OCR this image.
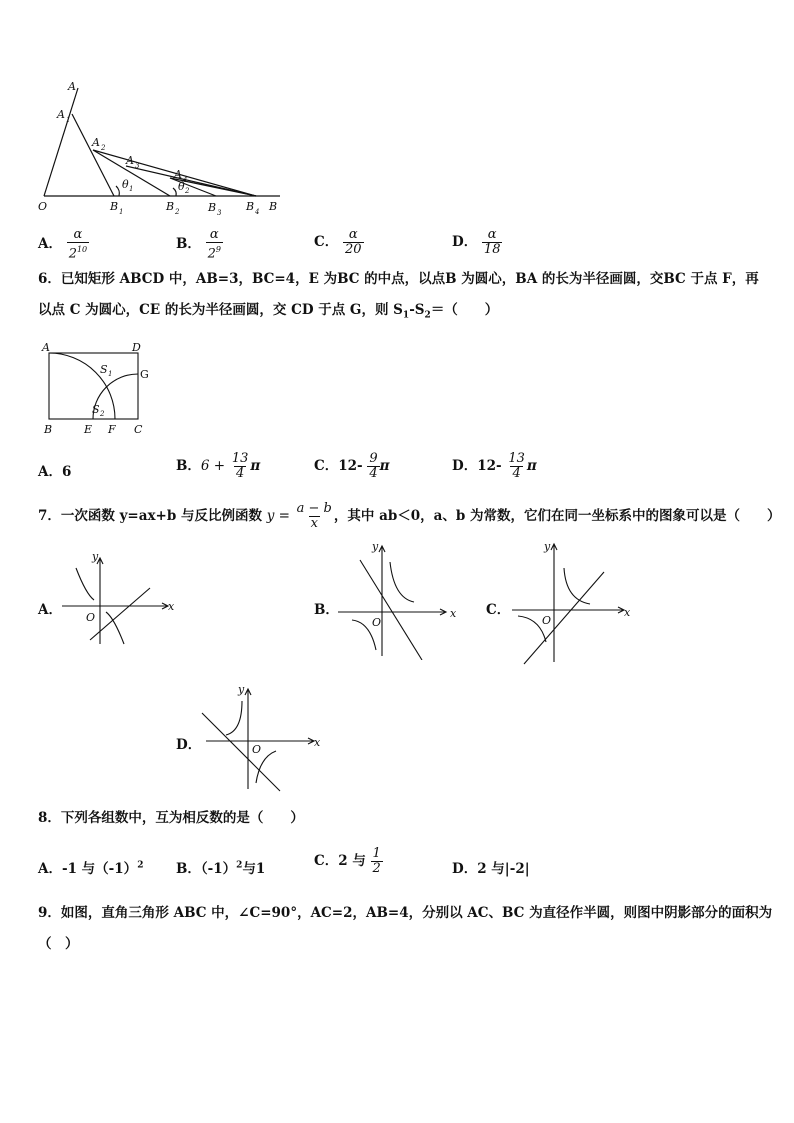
A
A 1
A 2
A 3
A 4
θ 1	θ 2
O	B 1	B 2	B 3 B 4 B
A． $\frac{\alpha}{2^{10}}$	B． $\frac{\alpha}{2^9}$	C． $\frac{\alpha}{20}$	D． $\frac{\alpha}{18}$
6．已知矩形 ABCD 中，AB=3，BC=4，E 为BC 的中点，以点B 为圆心，BA 的长为半径画圆，交BC 于点 F，再
以点 C 为圆心，CE 的长为半径画圆，交 CD 于点 G，则 $S_1-S_2=$（　　）
A	D
G
S 1
S 2
B	E F C
A．6	B．$6 + \frac{13}{4}$ π	C．$12- \frac{9}{4}$ π	D．$12- \frac{13}{4}$ π
7．一次函数 y=ax+b 与反比例函数 $y = \frac{a - b}{x}$ ，其中 ab＜0，a、b 为常数，它们在同一坐标系中的图象可以是（　　）
A．
y
x
O	B．
y
x
O
C．
y
x
O
D．
y
x
O
8．下列各组数中，互为相反数的是（　　）
A．-1 与$(-1)^2$ B．$(-1)^2$与1	C．2 与 $\frac{1}{2}$	D．2 与|-2|
9．如图，直角三角形 ABC 中，∠C=90°，AC=2，AB=4，分别以 AC、BC 为直径作半圆，则图中阴影部分的面积为
（　）
